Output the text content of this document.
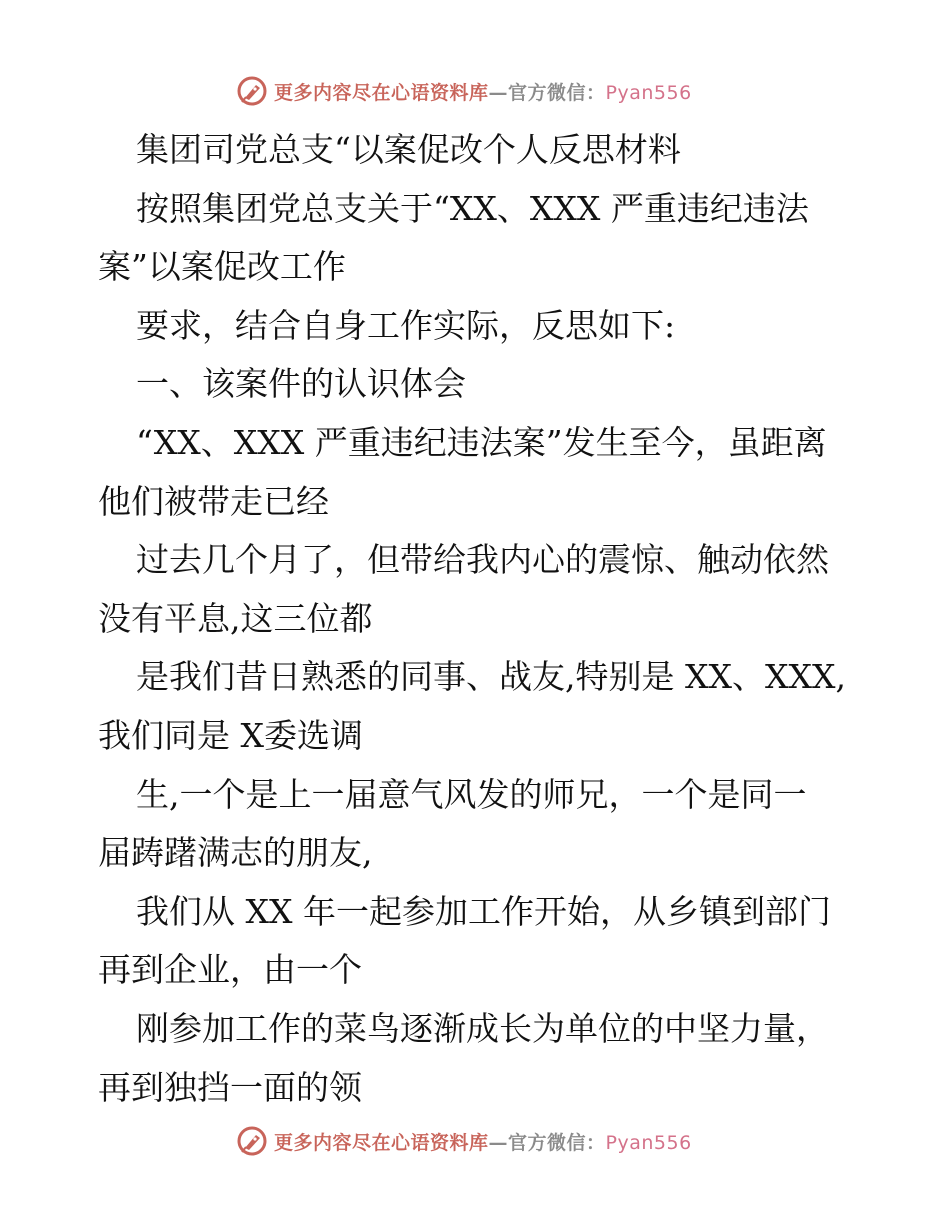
更多内容尽在心语资料库—官方微信：Pyan556

集团司党总支“以案促改个人反思材料

按照集团党总支关于“XX、XXX 严重违纪违法

案”以案促改工作

要求，结合自身工作实际，反思如下:

一、该案件的认识体会

“XX、XXX 严重违纪违法案”发生至今，虽距离

他们被带走已经

过去几个月了，但带给我内心的震惊、触动依然

没有平息,这三位都

是我们昔日熟悉的同事、战友,特别是 XX、XXX,

我们同是 X委选调

生,一个是上一届意气风发的师兄，一个是同一

届踌躇满志的朋友,

我们从 XX 年一起参加工作开始，从乡镇到部门

再到企业，由一个

刚参加工作的菜鸟逐渐成长为单位的中坚力量，

再到独挡一面的领

更多内容尽在心语资料库—官方微信：Pyan556
